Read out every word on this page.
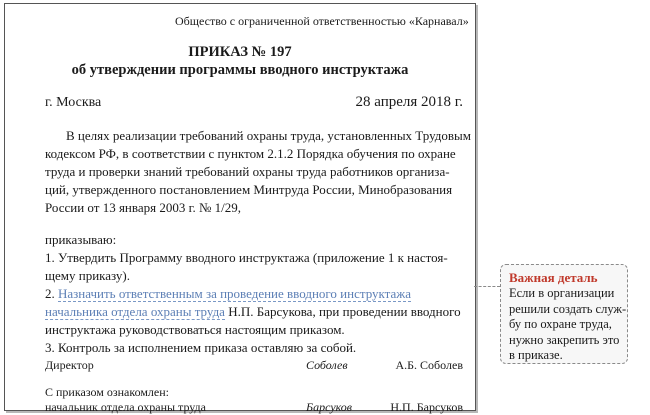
Общество с ограниченной ответственностью «Карнавал»
ПРИКАЗ № 197
об утверждении программы вводного инструктажа
г. Москва	28 апреля 2018 г.
В целях реализации требований охраны труда, установленных Трудовым
кодексом РФ, в соответствии с пунктом 2.1.2 Порядка обучения по охране
труда и проверки знаний требований охраны труда работников организа-
ций, утвержденного постановлением Минтруда России, Минобразования
России от 13 января 2003 г. № 1/29,
приказываю:
1. Утвердить Программу вводного инструктажа (приложение 1 к настоя-
щему приказу).
2. Назначить ответственным за проведение вводного инструктажа
начальника отдела охраны труда Н.П. Барсукова, при проведении вводного
инструктажа руководствоваться настоящим приказом.
3. Контроль за исполнением приказа оставляю за собой.
Директор	Соболев	А.Б. Соболев
С приказом ознакомлен:
начальник отдела охраны труда	Барсуков	Н.П. Барсуков
Важная деталь
Если в организации
решили создать служ-
бу по охране труда,
нужно закрепить это
в приказе.
